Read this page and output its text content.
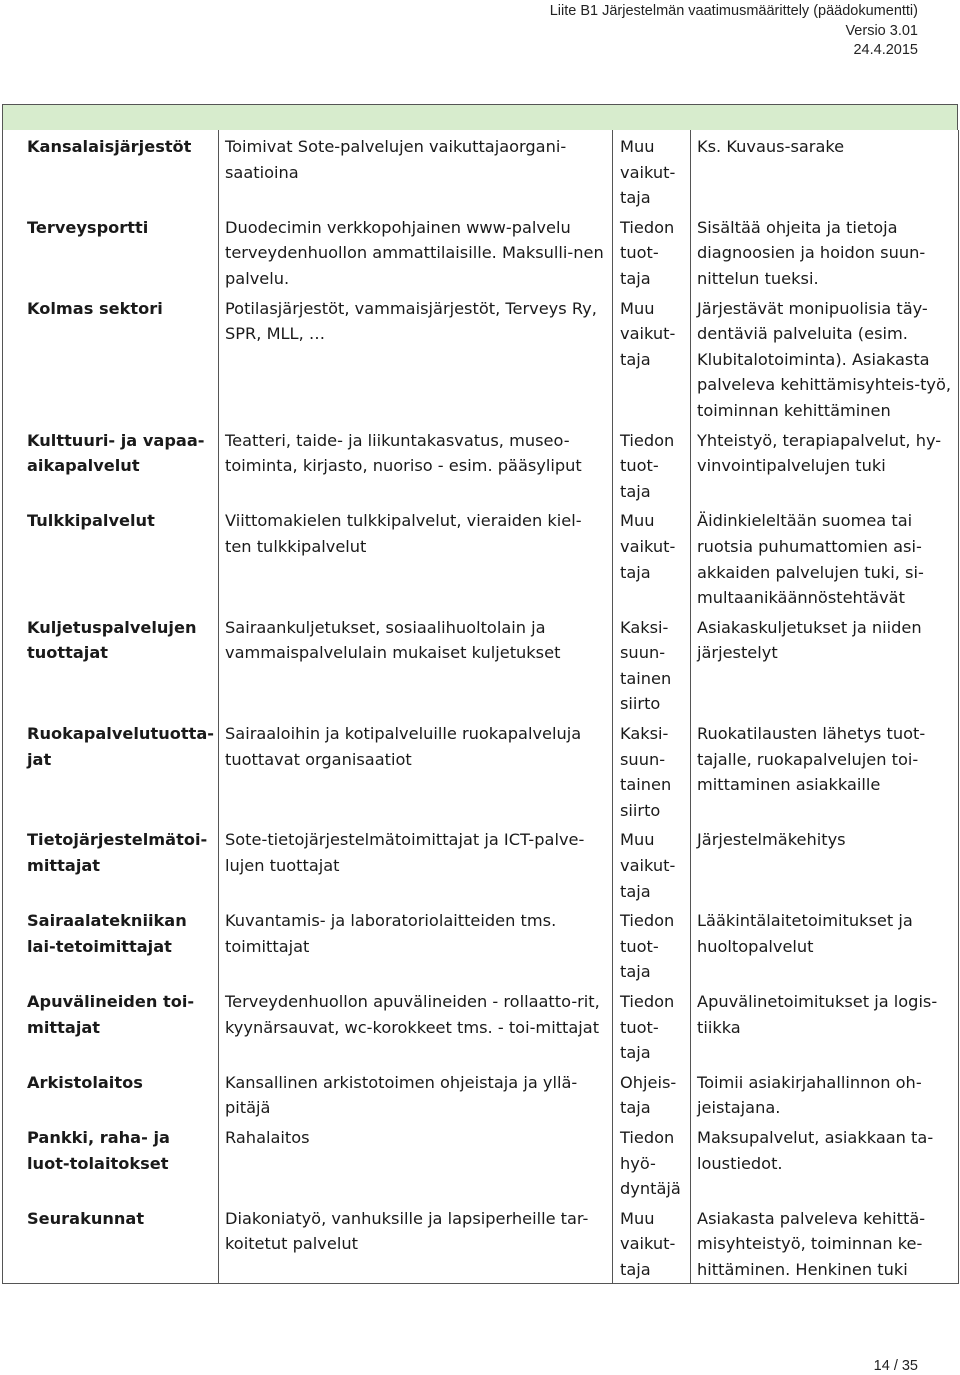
Liite B1 Järjestelmän vaatimusmäärittely (päädokumentti)
Versio 3.01
24.4.2015
Kansalaisjärjestöt	Toimivat Sote-palvelujen vaikuttajaorgani-saatioina	Muu vaikut-taja	Ks. Kuvaus-sarake
Terveysportti	Duodecimin verkkopohjainen www-palvelu terveydenhuollon ammattilaisille. Maksulli-nen palvelu.	Tiedon tuot-taja	Sisältää ohjeita ja tietoja diagnoosien ja hoidon suun-nittelun tueksi.
Kolmas sektori	Potilasjärjestöt, vammaisjärjestöt, Terveys Ry, SPR, MLL, …	Muu vaikut-taja	Järjestävät monipuolisia täy-dentäviä palveluita (esim. Klubitalotoiminta). Asiakasta palveleva kehittämisyhteis-työ, toiminnan kehittäminen
Kulttuuri- ja vapaa-aikapalvelut	Teatteri, taide- ja liikuntakasvatus, museo-toiminta, kirjasto, nuoriso - esim. pääsyliput	Tiedon tuot-taja	Yhteistyö, terapiapalvelut, hy-vinvointipalvelujen tuki
Tulkkipalvelut	Viittomakielen tulkkipalvelut, vieraiden kiel-ten tulkkipalvelut	Muu vaikut-taja	Äidinkieleltään suomea tai ruotsia puhumattomien asi-akkaiden palvelujen tuki, si-multaanikäännöstehtävät
Kuljetuspalvelujen tuottajat	Sairaankuljetukset, sosiaalihuoltolain ja vammaispalvelulain mukaiset kuljetukset	Kaksi-suun-tainen siirto	Asiakaskuljetukset ja niiden järjestelyt
Ruokapalvelutuotta-jat	Sairaaloihin ja kotipalveluille ruokapalveluja tuottavat organisaatiot	Kaksi-suun-tainen siirto	Ruokatilausten lähetys tuot-tajalle, ruokapalvelujen toi-mittaminen asiakkaille
Tietojärjestelmätoi-mittajat	Sote-tietojärjestelmätoimittajat ja ICT-palve-lujen tuottajat	Muu vaikut-taja	Järjestelmäkehitys
Sairaalatekniikan lai-tetoimittajat	Kuvantamis- ja laboratoriolaitteiden tms. toimittajat	Tiedon tuot-taja	Lääkintälaitetoimitukset ja huoltopalvelut
Apuvälineiden toi-mittajat	Terveydenhuollon apuvälineiden - rollaatto-rit, kyynärsauvat, wc-korokkeet tms. - toi-mittajat	Tiedon tuot-taja	Apuvälinetoimitukset ja logis-tiikka
Arkistolaitos	Kansallinen arkistotoimen ohjeistaja ja yllä-pitäjä	Ohjeis-taja	Toimii asiakirjahallinnon oh-jeistajana.
Pankki, raha- ja luot-tolaitokset	Rahalaitos	Tiedon hyö-dyntäjä	Maksupalvelut, asiakkaan ta-loustiedot.
Seurakunnat	Diakoniatyö, vanhuksille ja lapsiperheille tar-koitetut palvelut	Muu vaikut-taja	Asiakasta palveleva kehittä-misyhteistyö, toiminnan ke-hittäminen. Henkinen tuki
14 / 35
